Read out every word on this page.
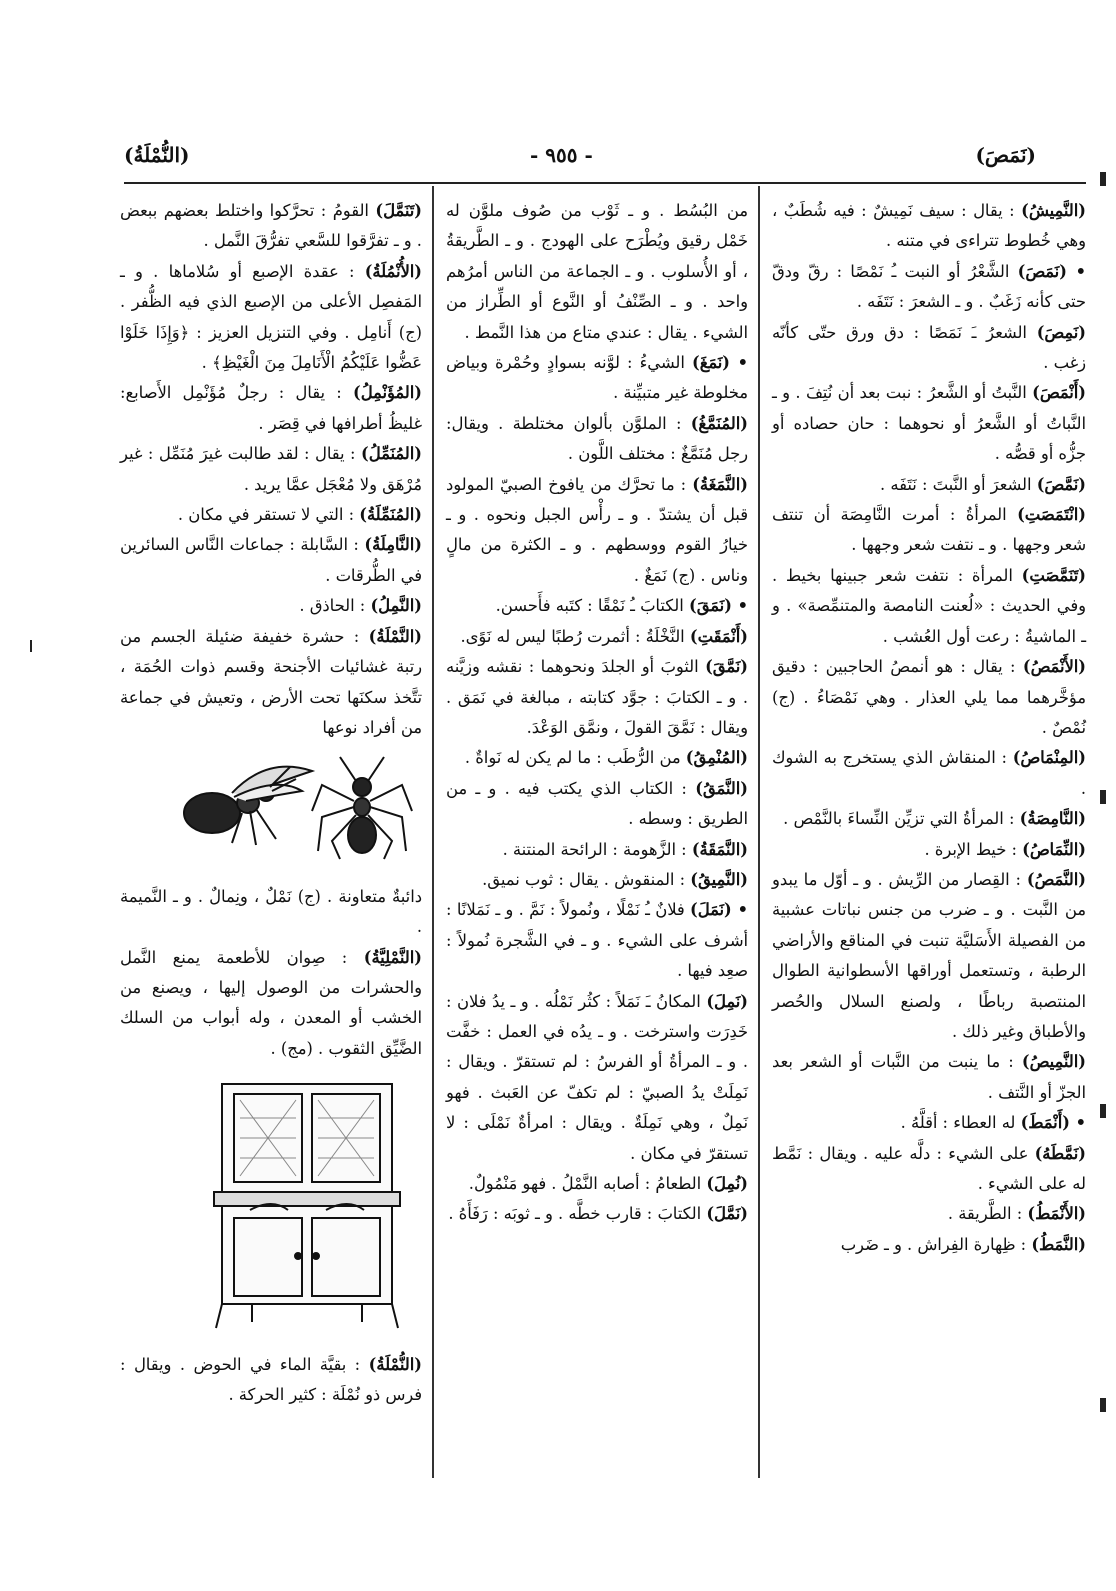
(نَمَصَ)
- ٩٥٥ -
(النُّمْلَةُ)

(النَّمِيشُ) : يقال : سيف نَمِيشٌ : فيه شُطَبٌ ، وهي خُطوط تتراءى في متنه .

• (نَمَصَ) الشَّعْرُ أو النبت ـُ نَمْصًا : رقّ ودقّ حتى كأنه زَغَبٌ . و ـ الشعرَ : نَتَفَه .

(نَمِصَ) الشعرُ ـَ نَمَصًا : دق ورق حتّى كأنّه زغب .

(أَنْمَصَ) النَّبتُ أو الشَّعرُ : نبت بعد أن نُتِفَ . و ـ النَّباتُ أو الشَّعرُ أو نحوهما : حان حصاده أو جزُّه أو قصُّه .

(نَمَّصَ) الشعرَ أو النَّبتَ : نَتَفَه .

(انْتَمَصَتِ) المرأةُ : أمرت النَّامِصَة أن تنتف شعر وجهها . و ـ نتفت شعر وجهها .

(تَنَمَّصَتِ) المرأة : نتفت شعر جبينها بخيط . وفي الحديث : «لُعنت النامصة والمتنمِّصة» . و ـ الماشيةُ : رعت أول العُشب .

(الأَنْمَصُ) : يقال : هو أنمصُ الحاجبين : دقيق مؤخَّرهما مما يلي العذار . وهي نَمْصَاءُ . (ج) نُمْصٌ .

(المِنْمَاصُ) : المنقاش الذي يستخرج به الشوك .

(النَّامِصَةُ) : المرأةُ التي تزيِّن النِّساءَ بالنَّمْص .

(النِّمَاصُ) : خيط الإبرة .

(النَّمَصُ) : القِصار من الرِّيش . و ـ أوّل ما يبدو من النَّبت . و ـ ضرب من جنس نباتات عشبية من الفصيلة الأَسَليَّة تنبت في المناقع والأراضي الرطبة ، وتستعمل أوراقها الأسطوانية الطوال المنتصبة رباطًا ، ولصنع السلال والحُصر والأطباق وغير ذلك .

(النَّمِيصُ) : ما ينبت من النَّبات أو الشعر بعد الجزّ أو النَّتف .

• (أَنْمَطَ) له العطاء : أقلَّهُ .

(نَمَّطَهُ) على الشيء : دلَّه عليه . ويقال : نَمَّط له على الشيء .

(الأَنْمَطُ) : الطَّريقة .

(النَّمَطُ) : ظِهارة الفِراش . و ـ ضَرب

من البُسُط . و ـ ثَوْب من صُوف ملوَّن له خَمْل رقيق ويُطْرَح على الهودج . و ـ الطَّريقةُ ، أو الأُسلوب . و ـ الجماعة من الناس أمرُهم واحد . و ـ الصِّنْفُ أو النَّوع أو الطِّراز من الشيء . يقال : عندي متاع من هذا النَّمط .

• (نَمَغَ) الشيءُ : لوَّنه بسوادٍ وحُمْرة وبياض مخلوطة غير متبيِّنة .

(المُنَمَّغُ) : الملوَّن بألوان مختلطة . ويقال: رجل مُنَمَّغٌ : مختلف اللَّون .

(النَّمَغَةُ) : ما تحرَّك من يافوخ الصبيّ المولود قبل أن يشتدّ . و ـ رأْس الجبل ونحوه . و ـ خيارُ القوم ووسطهم . و ـ الكثرة من مالٍ وناس . (ج) نَمَغٌ .

• (نَمَقَ) الكتابَ ـُ نَمْقًا : كتَبه فأَحسن.

(أَنْمَقَتِ) النَّخْلَةُ : أثمرت رُطبًا ليس له نَوًى.

(نَمَّقَ) الثوبَ أو الجلدَ ونحوهما : نقشه وزيَّنه . و ـ الكتابَ : جوَّد كتابته ، مبالغة في نَمَق . ويقال : نَمَّقَ القولَ ، ونمَّق الوَعْدَ.

(المُنْمِقُ) من الرُّطَب : ما لم يكن له نَواةٌ .

(النَّمَقُ) : الكتاب الذي يكتب فيه . و ـ من الطريق : وسطه .

(النَّمَقَةُ) : الزَّهومة : الرائحة المنتنة .

(النَّمِيقُ) : المنقوش . يقال : ثوب نميق.

• (نَمَلَ) فلانٌ ـُ نَمْلًا ، ونُمولاً : نَمَّ . و ـ نَمَلانًا : أشرف على الشيء . و ـ في الشَّجرة نُمولاً : صعِد فيها .

(نَمِلَ) المكانُ ـَ نَمَلاً : كثُر نَمْلُه . و ـ يدُ فلان : خَدِرَت واسترخت . و ـ يدُه في العمل : خفَّت . و ـ المرأةُ أو الفرسُ : لم تستقرّ . ويقال : نَمِلَتْ يدُ الصبيّ : لم تكفّ عن العَبث . فهو نَمِلٌ ، وهي نَمِلَةٌ . ويقال : امرأةٌ نَمْلَى : لا تستقرّ في مكان .

(نُمِلَ) الطعامُ : أصابه النَّمْلُ . فهو مَنْمُولٌ.

(نَمَّلَ) الكتابَ : قارب خطَّه . و ـ ثوبَه : رَفَأَهُ .

(تَنَمَّلَ) القومُ : تحرَّكوا واختلط بعضهم ببعض . و ـ تفرَّقوا للسَّعي تفرُّقَ النَّمل .

(الأُنْمُلَةُ) : عقدة الإصبع أو سُلاماها . و ـ المَفصِل الأعلى من الإصبع الذي فيه الظُّفر . (ج) أَنامِل . وفي التنزيل العزيز : ﴿وَإِذَا خَلَوْا عَضُّوا عَلَيْكُمُ الْأَنَامِلَ مِنَ الْغَيْظِ﴾ .

(المُؤَنْمِلُ) : يقال : رجلٌ مُؤَنْمِل الأَصابع: غليظُ أطرافها في قِصَر .

(المُنَمِّلُ) : يقال : لقد طالبت غيرَ مُنَمِّل : غير مُرْهَق ولا مُعْجَل عمَّا يريد .

(المُنَمِّلَةُ) : التي لا تستقر في مكان .

(النَّامِلَةُ) : السَّابلة : جماعات النَّاس السائرين في الطُّرقات .

(النَّمِلُ) : الحاذق .

(النَّمْلَةُ) : حشرة خفيفة ضئيلة الجسم من رتبة غشائيات الأجنحة وقسم ذوات الحُمَة ، تتَّخذ سكنَها تحت الأرض ، وتعيش في جماعة من أفراد نوعها

دائبةٌ متعاونة . (ج) نَمْلٌ ، ونِمالٌ . و ـ النَّميمة .

(النَّمْلِيَّةُ) : صِوان للأطعمة يمنع النَّمل والحشرات من الوصول إليها ، ويصنع من الخشب أو المعدن ، وله أبواب من السلك الضَّيِّق الثقوب . (مج) .

(النُّمْلَةُ) : بقيَّة الماء في الحوض . ويقال : فرس ذو نُمْلَة : كثير الحركة .
